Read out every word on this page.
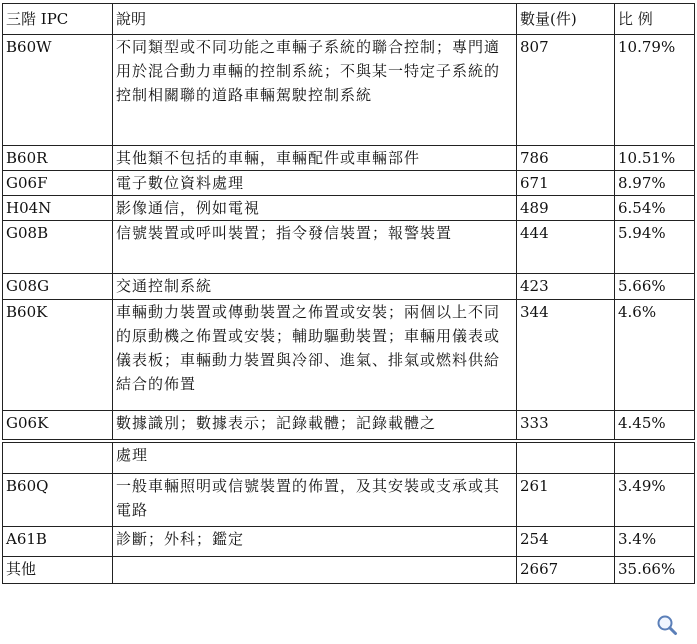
三階 IPC	說明	數量(件)	比 例
B60W	不同類型或不同功能之車輛子系統的聯合控制；專門適用於混合動力車輛的控制系統；不與某一特定子系統的控制相關聯的道路車輛駕駛控制系統	807	10.79%
B60R	其他類不包括的車輛，車輛配件或車輛部件	786	10.51%
G06F	電子數位資料處理	671	8.97%
H04N	影像通信，例如電視	489	6.54%
G08B	信號裝置或呼叫裝置；指令發信裝置；報警裝置	444	5.94%
G08G	交通控制系統	423	5.66%
B60K	車輛動力裝置或傳動裝置之佈置或安裝；兩個以上不同的原動機之佈置或安裝；輔助驅動裝置；車輛用儀表或儀表板；車輛動力裝置與冷卻、進氣、排氣或燃料供給結合的佈置	344	4.6%
G06K	數據識別；數據表示；記錄載體；記錄載體之	333	4.45%
	處理		
B60Q	一般車輛照明或信號裝置的佈置，及其安裝或支承或其電路	261	3.49%
A61B	診斷；外科；鑑定	254	3.4%
其他		2667	35.66%
